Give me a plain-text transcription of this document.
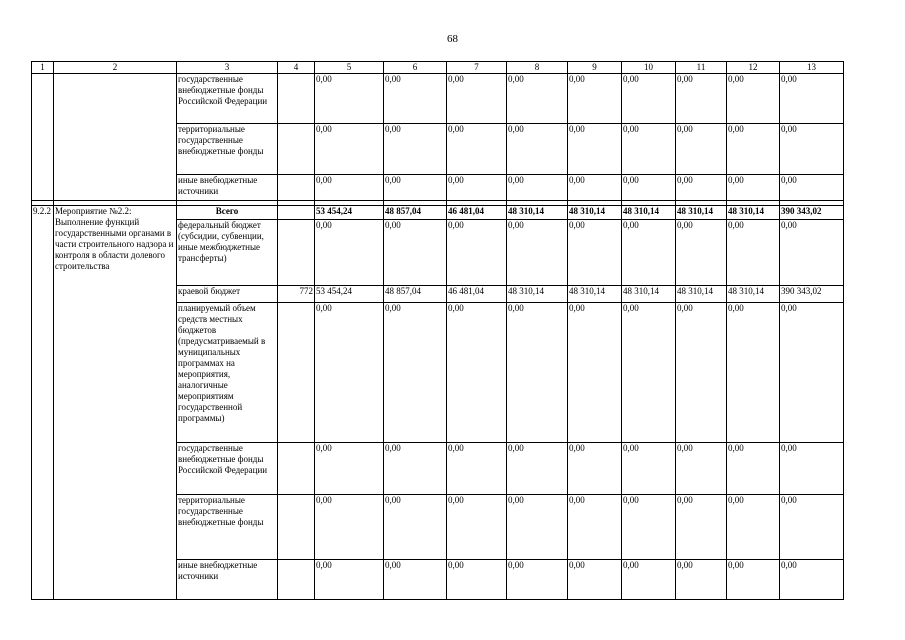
68
1	2	3	4	5	6	7	8	9	10	11	12	13
		государственные внебюджетные фонды Российской Федерации		0,00	0,00	0,00	0,00	0,00	0,00	0,00	0,00	0,00
		территориальные государственные внебюджетные фонды		0,00	0,00	0,00	0,00	0,00	0,00	0,00	0,00	0,00
		иные внебюджетные источники		0,00	0,00	0,00	0,00	0,00	0,00	0,00	0,00	0,00

9.2.2	Мероприятие №2.2: Выполнение функций государственными органами в части строительного надзора и контроля в области долевого строительства	Всего		53 454,24	48 857,04	46 481,04	48 310,14	48 310,14	48 310,14	48 310,14	48 310,14	390 343,02
		федеральный бюджет (субсидии, субвенции, иные межбюджетные трансферты)		0,00	0,00	0,00	0,00	0,00	0,00	0,00	0,00	0,00
		краевой бюджет	772	53 454,24	48 857,04	46 481,04	48 310,14	48 310,14	48 310,14	48 310,14	48 310,14	390 343,02
		планируемый объем средств местных бюджетов (предусматриваемый в муниципальных программах на мероприятия, аналогичные мероприятиям государственной программы)		0,00	0,00	0,00	0,00	0,00	0,00	0,00	0,00	0,00
		государственные внебюджетные фонды Российской Федерации		0,00	0,00	0,00	0,00	0,00	0,00	0,00	0,00	0,00
		территориальные государственные внебюджетные фонды		0,00	0,00	0,00	0,00	0,00	0,00	0,00	0,00	0,00
		иные внебюджетные источники		0,00	0,00	0,00	0,00	0,00	0,00	0,00	0,00	0,00
